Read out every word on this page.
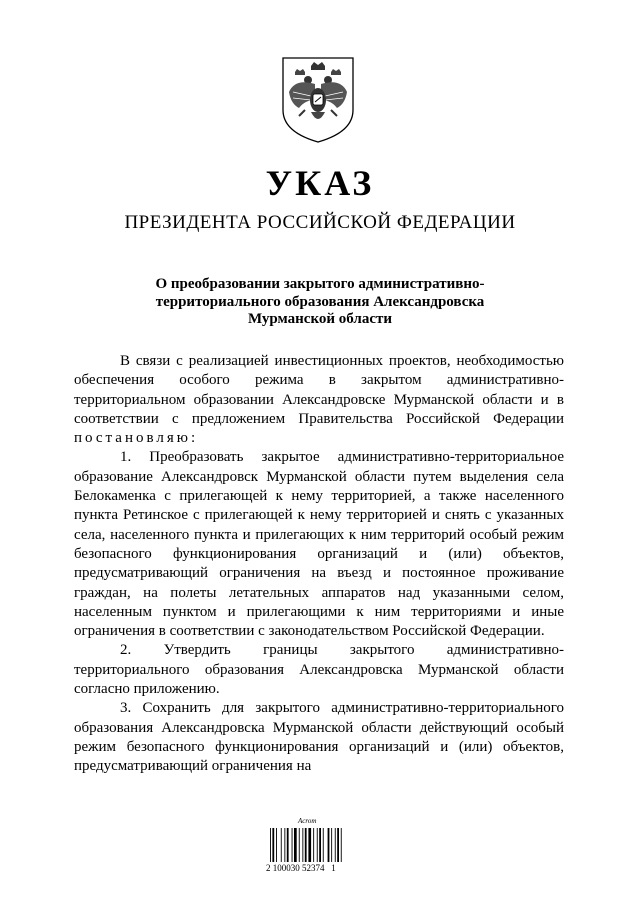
УКАЗ
ПРЕЗИДЕНТА РОССИЙСКОЙ ФЕДЕРАЦИИ
О преобразовании закрытого административно-
территориального образования Александровска
Мурманской области

В связи с реализацией инвестиционных проектов, необходимостью обеспечения особого режима в закрытом административно-территориальном образовании Александровске Мурманской области и в соответствии с предложением Правительства Российской Федерации постановляю:

1. Преобразовать закрытое административно-территориальное образование Александровск Мурманской области путем выделения села Белокаменка с прилегающей к нему территорией, а также населенного пункта Ретинское с прилегающей к нему территорией и снять с указанных села, населенного пункта и прилегающих к ним территорий особый режим безопасного функционирования организаций и (или) объектов, предусматривающий ограничения на въезд и постоянное проживание граждан, на полеты летательных аппаратов над указанными селом, населенным пунктом и прилегающими к ним территориями и иные ограничения в соответствии с законодательством Российской Федерации.

2. Утвердить границы закрытого административно-территориального образования Александровска Мурманской области согласно приложению.

3. Сохранить для закрытого административно-территориального образования Александровска Мурманской области действующий особый режим безопасного функционирования организаций и (или) объектов, предусматривающий ограничения на

Acrom
2 100030 52374   1
